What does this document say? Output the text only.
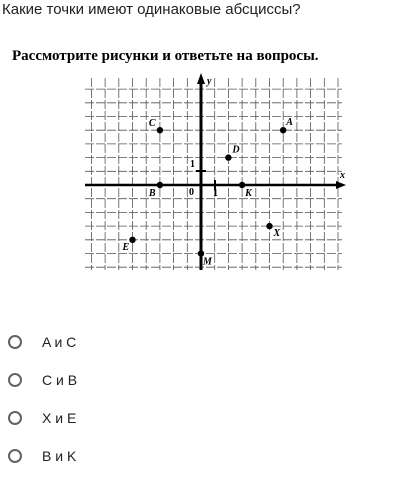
Какие точки имеют одинаковые абсциссы?
Рассмотрите рисунки и ответьте на вопросы.
x
y
0 1
1
A
B
C
D
K
X
E
M
A и C
C и B
X и E
B и K
